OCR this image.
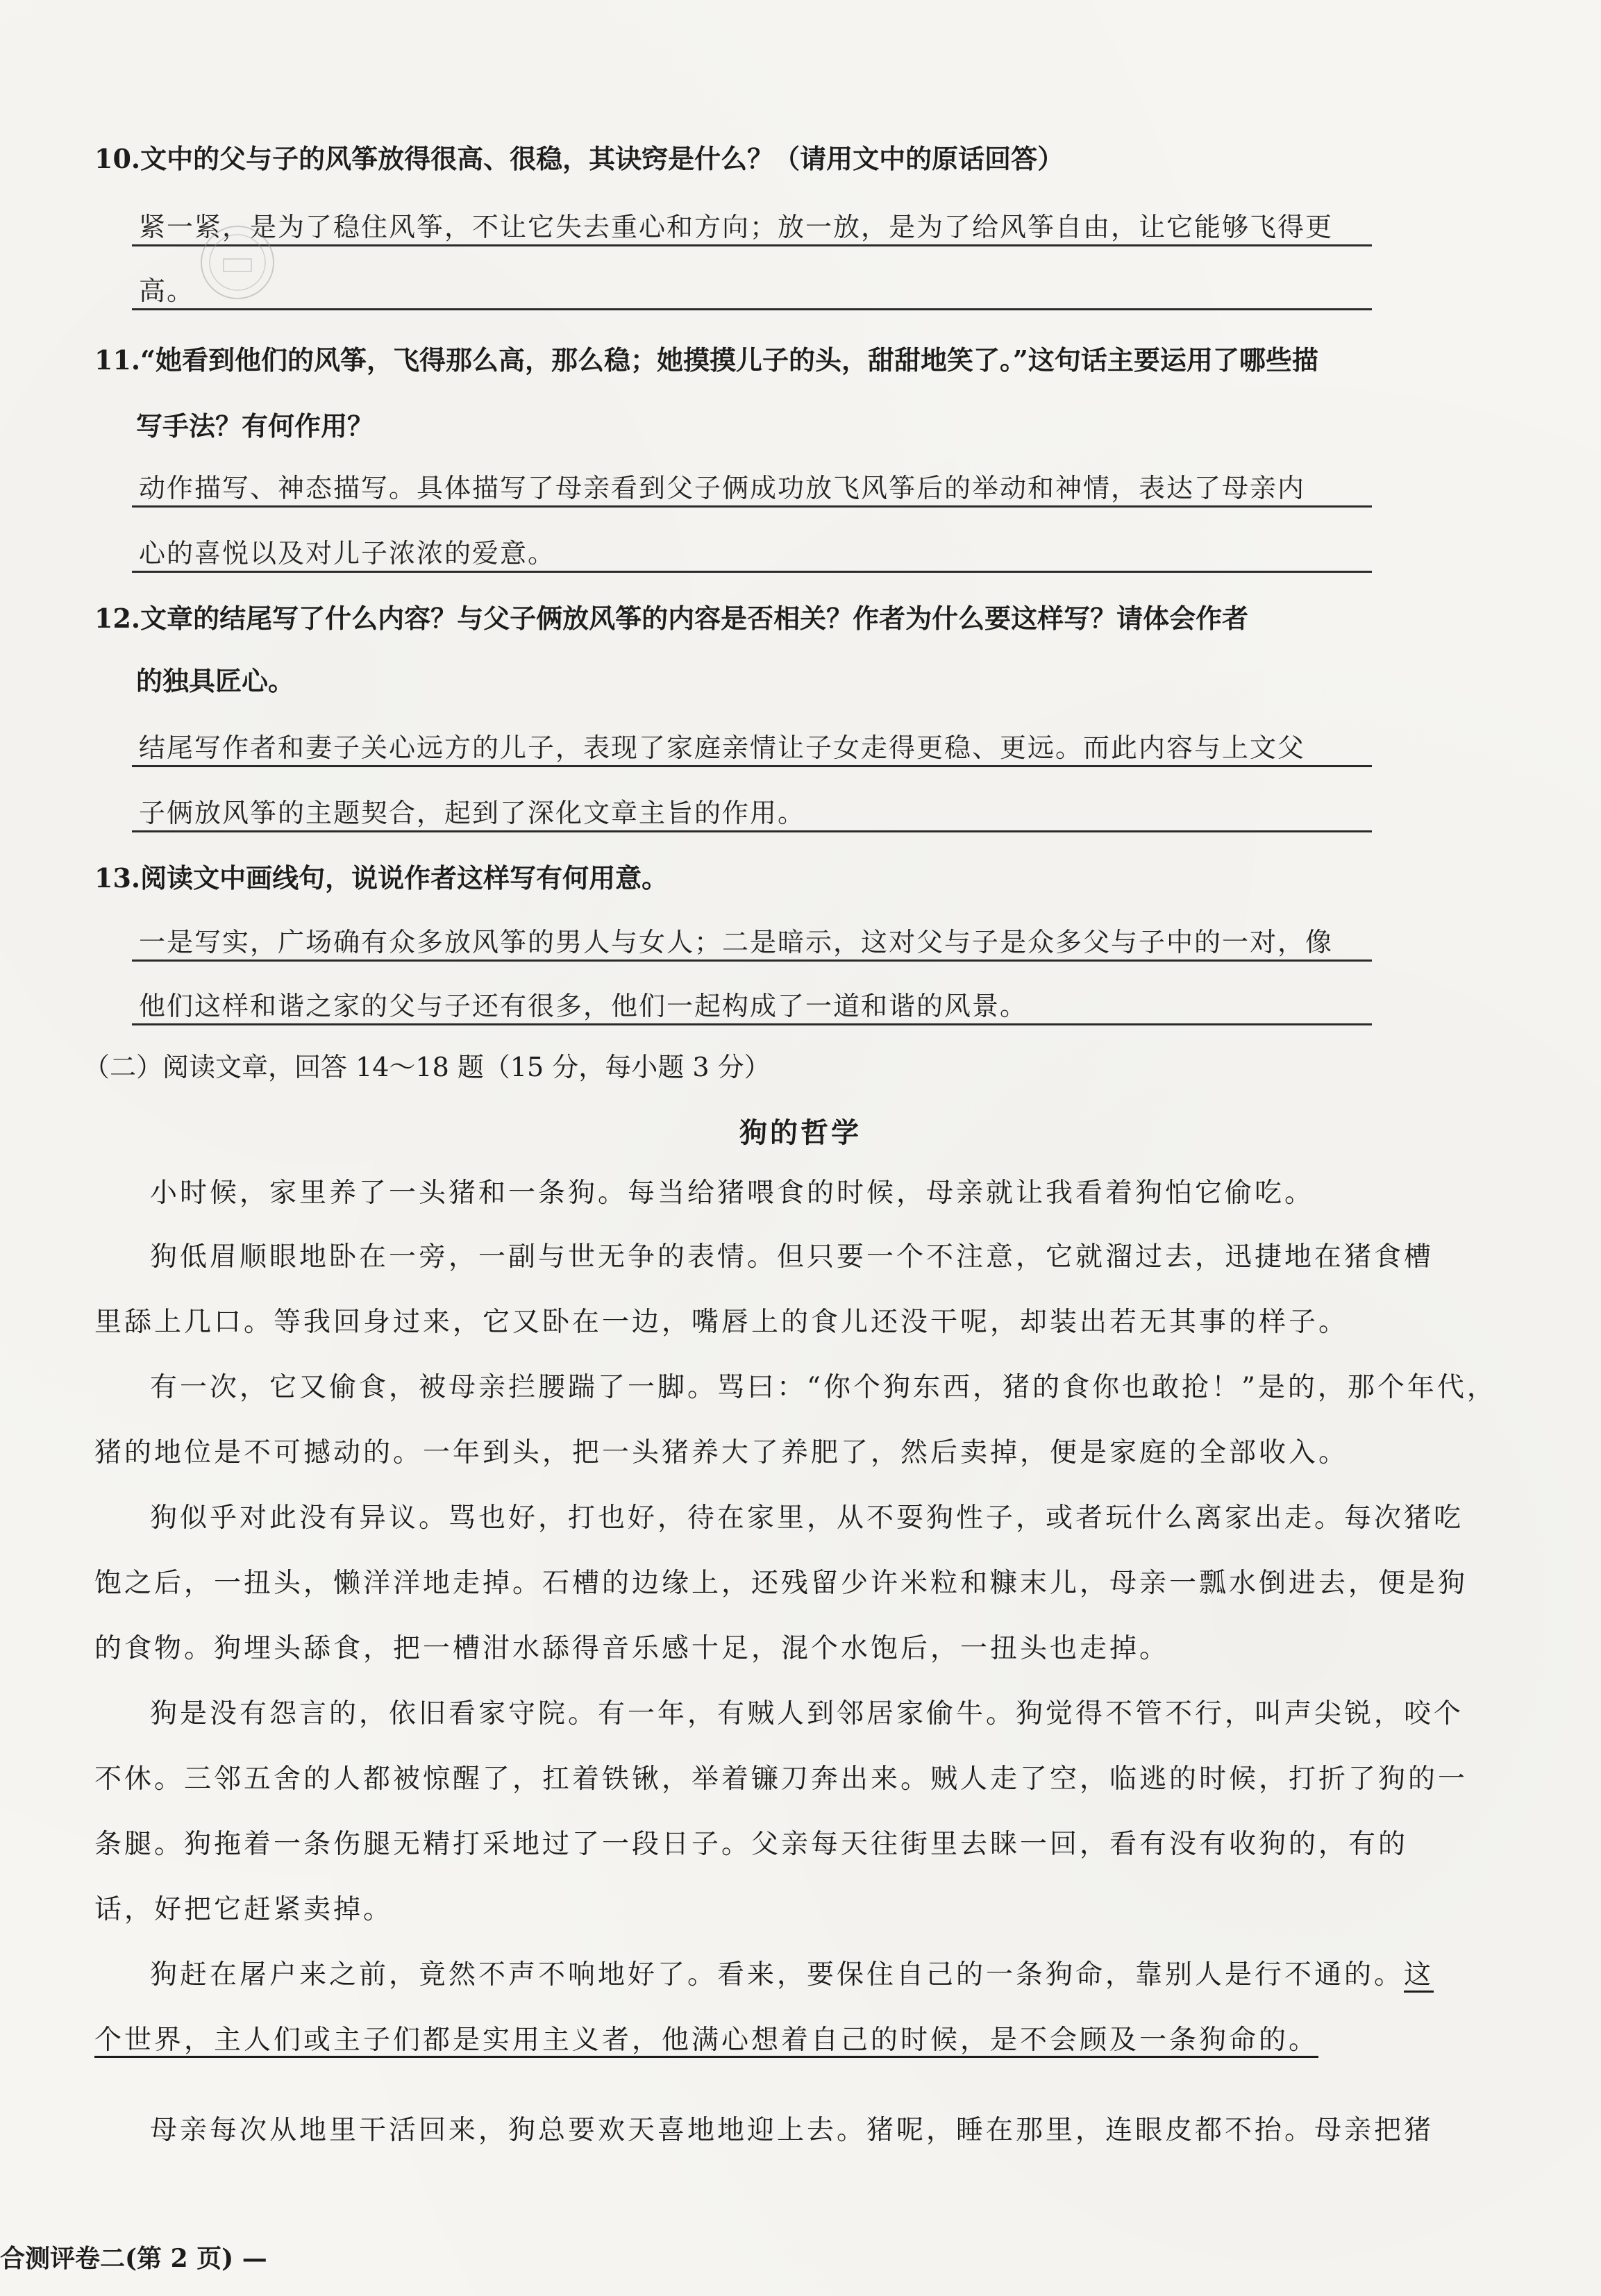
10.文中的父与子的风筝放得很高、很稳，其诀窍是什么？（请用文中的原话回答）
紧一紧，是为了稳住风筝，不让它失去重心和方向；放一放，是为了给风筝自由，让它能够飞得更
高。
11.“她看到他们的风筝，飞得那么高，那么稳；她摸摸儿子的头，甜甜地笑了。”这句话主要运用了哪些描
写手法？有何作用？
动作描写、神态描写。具体描写了母亲看到父子俩成功放飞风筝后的举动和神情，表达了母亲内
心的喜悦以及对儿子浓浓的爱意。
12.文章的结尾写了什么内容？与父子俩放风筝的内容是否相关？作者为什么要这样写？请体会作者
的独具匠心。
结尾写作者和妻子关心远方的儿子，表现了家庭亲情让子女走得更稳、更远。而此内容与上文父
子俩放风筝的主题契合，起到了深化文章主旨的作用。
13.阅读文中画线句，说说作者这样写有何用意。
一是写实，广场确有众多放风筝的男人与女人；二是暗示，这对父与子是众多父与子中的一对，像
他们这样和谐之家的父与子还有很多，他们一起构成了一道和谐的风景。
（二）阅读文章，回答 14～18 题（15 分，每小题 3 分）
狗的哲学
小时候，家里养了一头猪和一条狗。每当给猪喂食的时候，母亲就让我看着狗怕它偷吃。
狗低眉顺眼地卧在一旁，一副与世无争的表情。但只要一个不注意，它就溜过去，迅捷地在猪食槽
里舔上几口。等我回身过来，它又卧在一边，嘴唇上的食儿还没干呢，却装出若无其事的样子。
有一次，它又偷食，被母亲拦腰踹了一脚。骂曰：“你个狗东西，猪的食你也敢抢！”是的，那个年代，
猪的地位是不可撼动的。一年到头，把一头猪养大了养肥了，然后卖掉，便是家庭的全部收入。
狗似乎对此没有异议。骂也好，打也好，待在家里，从不耍狗性子，或者玩什么离家出走。每次猪吃
饱之后，一扭头，懒洋洋地走掉。石槽的边缘上，还残留少许米粒和糠末儿，母亲一瓢水倒进去，便是狗
的食物。狗埋头舔食，把一槽泔水舔得音乐感十足，混个水饱后，一扭头也走掉。
狗是没有怨言的，依旧看家守院。有一年，有贼人到邻居家偷牛。狗觉得不管不行，叫声尖锐，咬个
不休。三邻五舍的人都被惊醒了，扛着铁锹，举着镰刀奔出来。贼人走了空，临逃的时候，打折了狗的一
条腿。狗拖着一条伤腿无精打采地过了一段日子。父亲每天往街里去睐一回，看有没有收狗的，有的
话，好把它赶紧卖掉。
狗赶在屠户来之前，竟然不声不响地好了。看来，要保住自己的一条狗命，靠别人是行不通的。这
个世界，主人们或主子们都是实用主义者，他满心想着自己的时候，是不会顾及一条狗命的。
母亲每次从地里干活回来，狗总要欢天喜地地迎上去。猪呢，睡在那里，连眼皮都不抬。母亲把猪
合测评卷二(第 2 页) —
